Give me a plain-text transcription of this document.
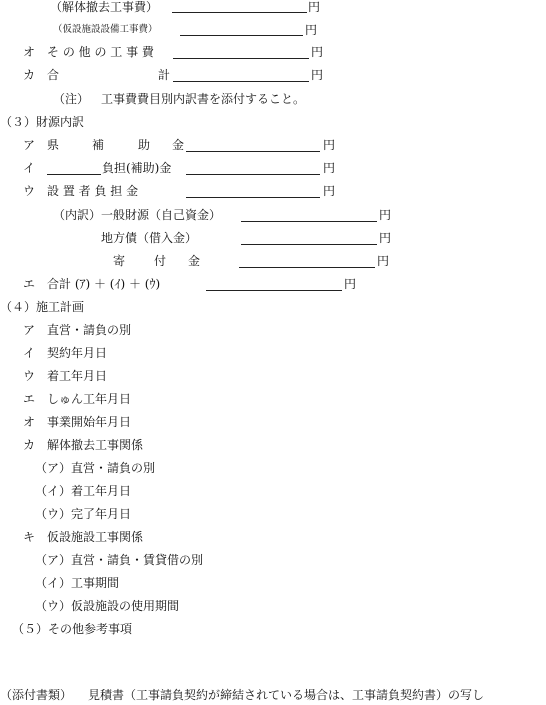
（解体撤去工事費）	円
（仮設施設設備工事費）	円
オ そ の 他 の 工 事 費	円
カ 合	計	円
（注） 工事費費目別内訳書を添付すること。
（３）財源内訳
ア 県	補	助 金	円
イ	負担(補助)金	円
ウ 設 置 者 負 担 金	円
（内訳） 一般財源（自己資金）	円
地方債（借入金）	円
寄 付 金	円
エ 合計 (ｱ) ＋ (ｲ) ＋ (ｳ)	円
（４）施工計画
ア 直営・請負の別
イ 契約年月日
ウ 着工年月日
エ しゅん工年月日
オ 事業開始年月日
カ 解体撤去工事関係
（ア）直営・請負の別
（イ）着工年月日
（ウ）完了年月日
キ 仮設施設工事関係
（ア）直営・請負・賃貸借の別
（イ）工事期間
（ウ）仮設施設の使用期間
（５）その他参考事項
（添付書類） 見積書（工事請負契約が締結されている場合は、工事請負契約書）の写し
